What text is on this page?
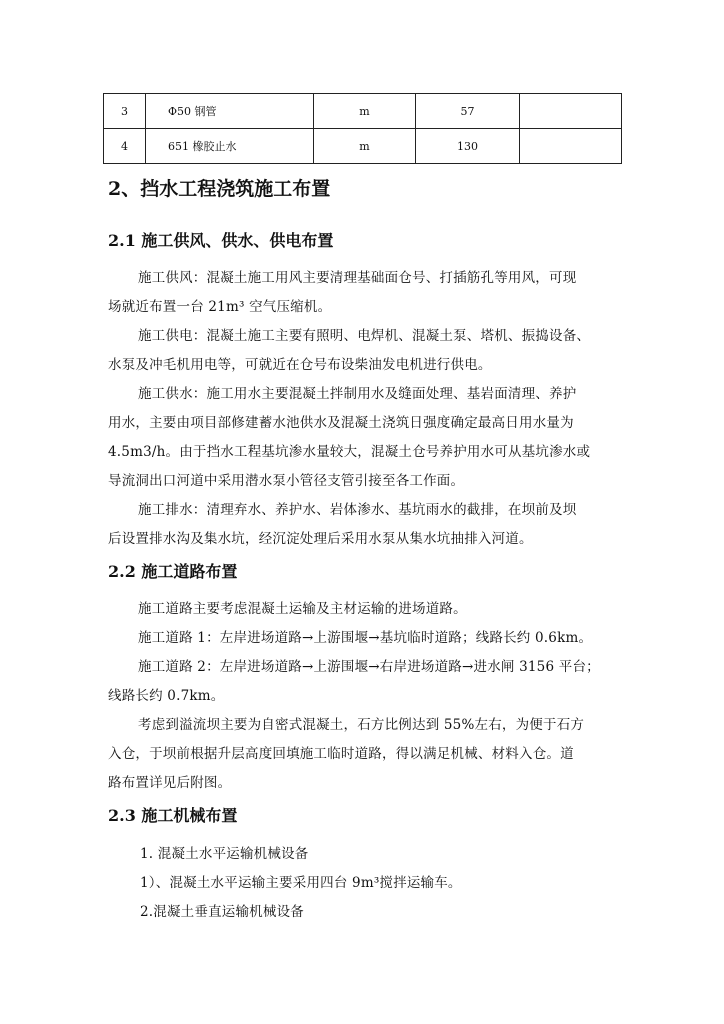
3	Φ50 钢管	m	57	
4	651 橡胶止水	m	130	
2、挡水工程浇筑施工布置
2.1 施工供风、供水、供电布置
施工供风：混凝土施工用风主要清理基础面仓号、打插筋孔等用风，可现
场就近布置一台 21m³ 空气压缩机。
施工供电：混凝土施工主要有照明、电焊机、混凝土泵、塔机、振捣设备、
水泵及冲毛机用电等，可就近在仓号布设柴油发电机进行供电。
施工供水：施工用水主要混凝土拌制用水及缝面处理、基岩面清理、养护
用水，主要由项目部修建蓄水池供水及混凝土浇筑日强度确定最高日用水量为
4.5m3/h。由于挡水工程基坑渗水量较大，混凝土仓号养护用水可从基坑渗水或
导流洞出口河道中采用潜水泵小管径支管引接至各工作面。
施工排水：清理弃水、养护水、岩体渗水、基坑雨水的截排，在坝前及坝
后设置排水沟及集水坑，经沉淀处理后采用水泵从集水坑抽排入河道。
2.2 施工道路布置
施工道路主要考虑混凝土运输及主材运输的进场道路。
施工道路 1：左岸进场道路→上游围堰→基坑临时道路；线路长约 0.6km。
施工道路 2：左岸进场道路→上游围堰→右岸进场道路→进水闸 3156 平台；
线路长约 0.7km。
考虑到溢流坝主要为自密式混凝土，石方比例达到 55%左右，为便于石方
入仓，于坝前根据升层高度回填施工临时道路，得以满足机械、材料入仓。道
路布置详见后附图。
2.3 施工机械布置
1. 混凝土水平运输机械设备
1）、混凝土水平运输主要采用四台 9m³搅拌运输车。
2.混凝土垂直运输机械设备
